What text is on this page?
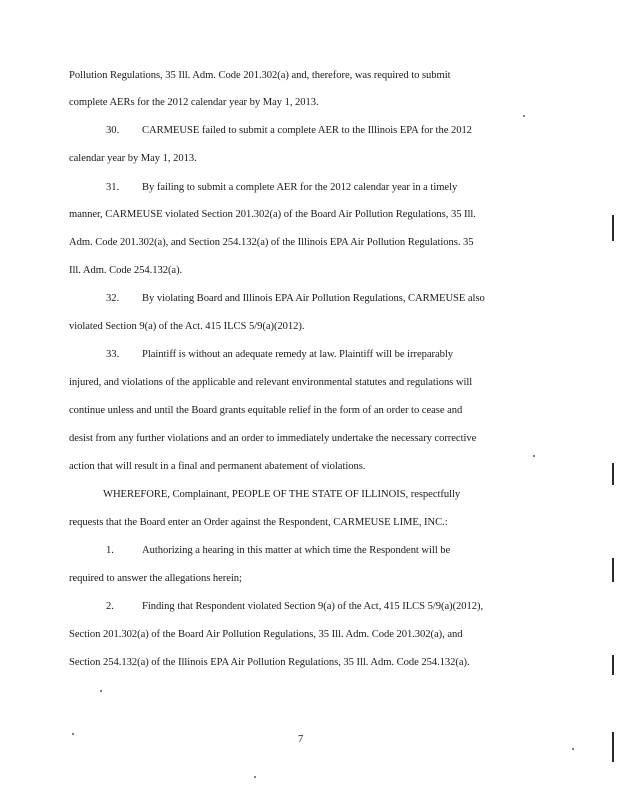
30.
31.
32.
33.
1.
2.
Pollution Regulations, 35 Ill. Adm. Code 201.302(a) and, therefore, was required to submit
complete AERs for the 2012 calendar year by May 1, 2013.
CARMEUSE failed to submit a complete AER to the Illinois EPA for the 2012
calendar year by May 1, 2013.
By failing to submit a complete AER for the 2012 calendar year in a timely
manner, CARMEUSE violated Section 201.302(a) of the Board Air Pollution Regulations, 35 Ill.
Adm. Code 201.302(a), and Section 254.132(a) of the Illinois EPA Air Pollution Regulations. 35
Ill. Adm. Code 254.132(a).
By violating Board and Illinois EPA Air Pollution Regulations, CARMEUSE also
violated Section 9(a) of the Act. 415 ILCS 5/9(a)(2012).
Plaintiff is without an adequate remedy at law. Plaintiff will be irreparably
injured, and violations of the applicable and relevant environmental statutes and regulations will
continue unless and until the Board grants equitable relief in the form of an order to cease and
desist from any further violations and an order to immediately undertake the necessary corrective
action that will result in a final and permanent abatement of violations.
WHEREFORE, Complainant, PEOPLE OF THE STATE OF ILLINOIS, respectfully
requests that the Board enter an Order against the Respondent, CARMEUSE LIME, INC.:
Authorizing a hearing in this matter at which time the Respondent will be
required to answer the allegations herein;
Finding that Respondent violated Section 9(a) of the Act, 415 ILCS 5/9(a)(2012),
Section 201.302(a) of the Board Air Pollution Regulations, 35 Ill. Adm. Code 201.302(a), and
Section 254.132(a) of the Illinois EPA Air Pollution Regulations, 35 Ill. Adm. Code 254.132(a).
7
